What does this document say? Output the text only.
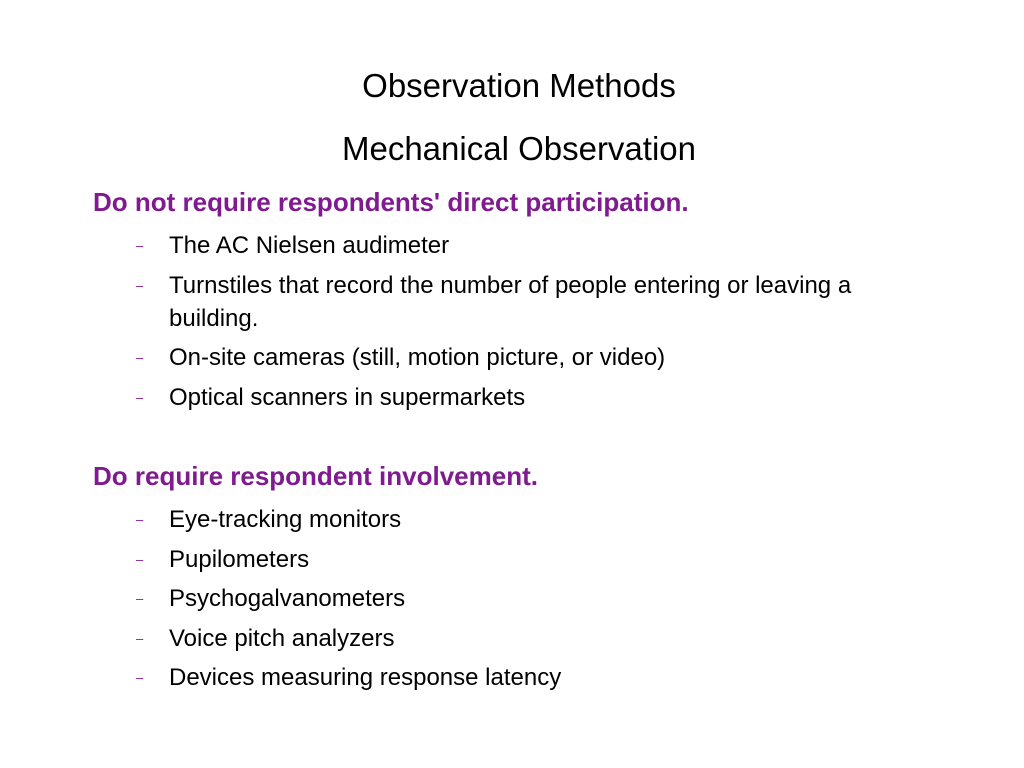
Observation Methods
Mechanical Observation
Do not require respondents' direct participation.
– The AC Nielsen audimeter
– Turnstiles that record the number of people entering or leaving a building.
– On-site cameras (still, motion picture, or video)
– Optical scanners in supermarkets
Do require respondent involvement.
– Eye-tracking monitors
– Pupilometers
– Psychogalvanometers
– Voice pitch analyzers
– Devices measuring response latency
